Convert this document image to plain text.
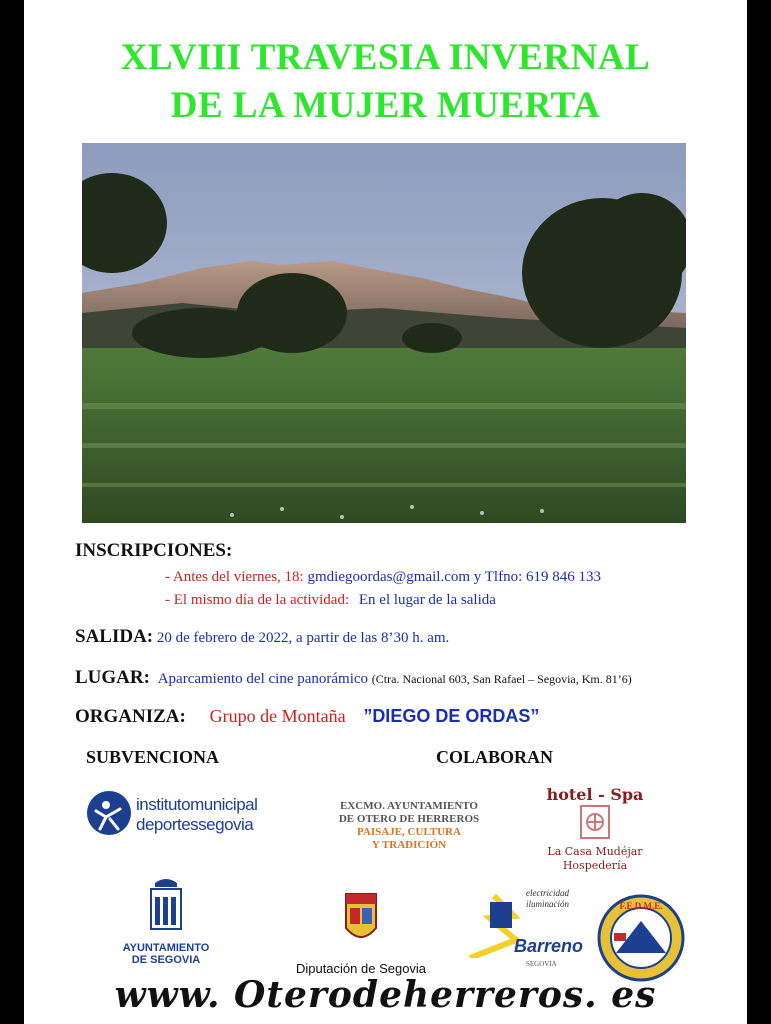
XLVIII TRAVESIA INVERNAL
DE LA MUJER MUERTA
INSCRIPCIONES:
- Antes del viernes, 18: gmdiegoordas@gmail.com y Tlfno: 619 846 133
- El mismo día de la actividad: En el lugar de la salida
SALIDA: 20 de febrero de 2022, a partir de las 8’30 h. am.
LUGAR: Aparcamiento del cine panorámico (Ctra. Nacional 603, San Rafael – Segovia, Km. 81’6)
ORGANIZA: Grupo de Montaña ”DIEGO DE ORDAS”
SUBVENCIONA	COLABORAN
institutomunicipal
deportessegovia
EXCMO. AYUNTAMIENTO
DE OTERO DE HERREROS
PAISAJE, CULTURA
Y TRADICIÓN
hotel - Spa
La Casa Mudéjar
Hospedería
AYUNTAMIENTO
DE SEGOVIA
Diputación de Segovia
electricidad
iluminación
Barreno
SEGOVIA
F.E.D.M.E.
www. Oterodeherreros. es
